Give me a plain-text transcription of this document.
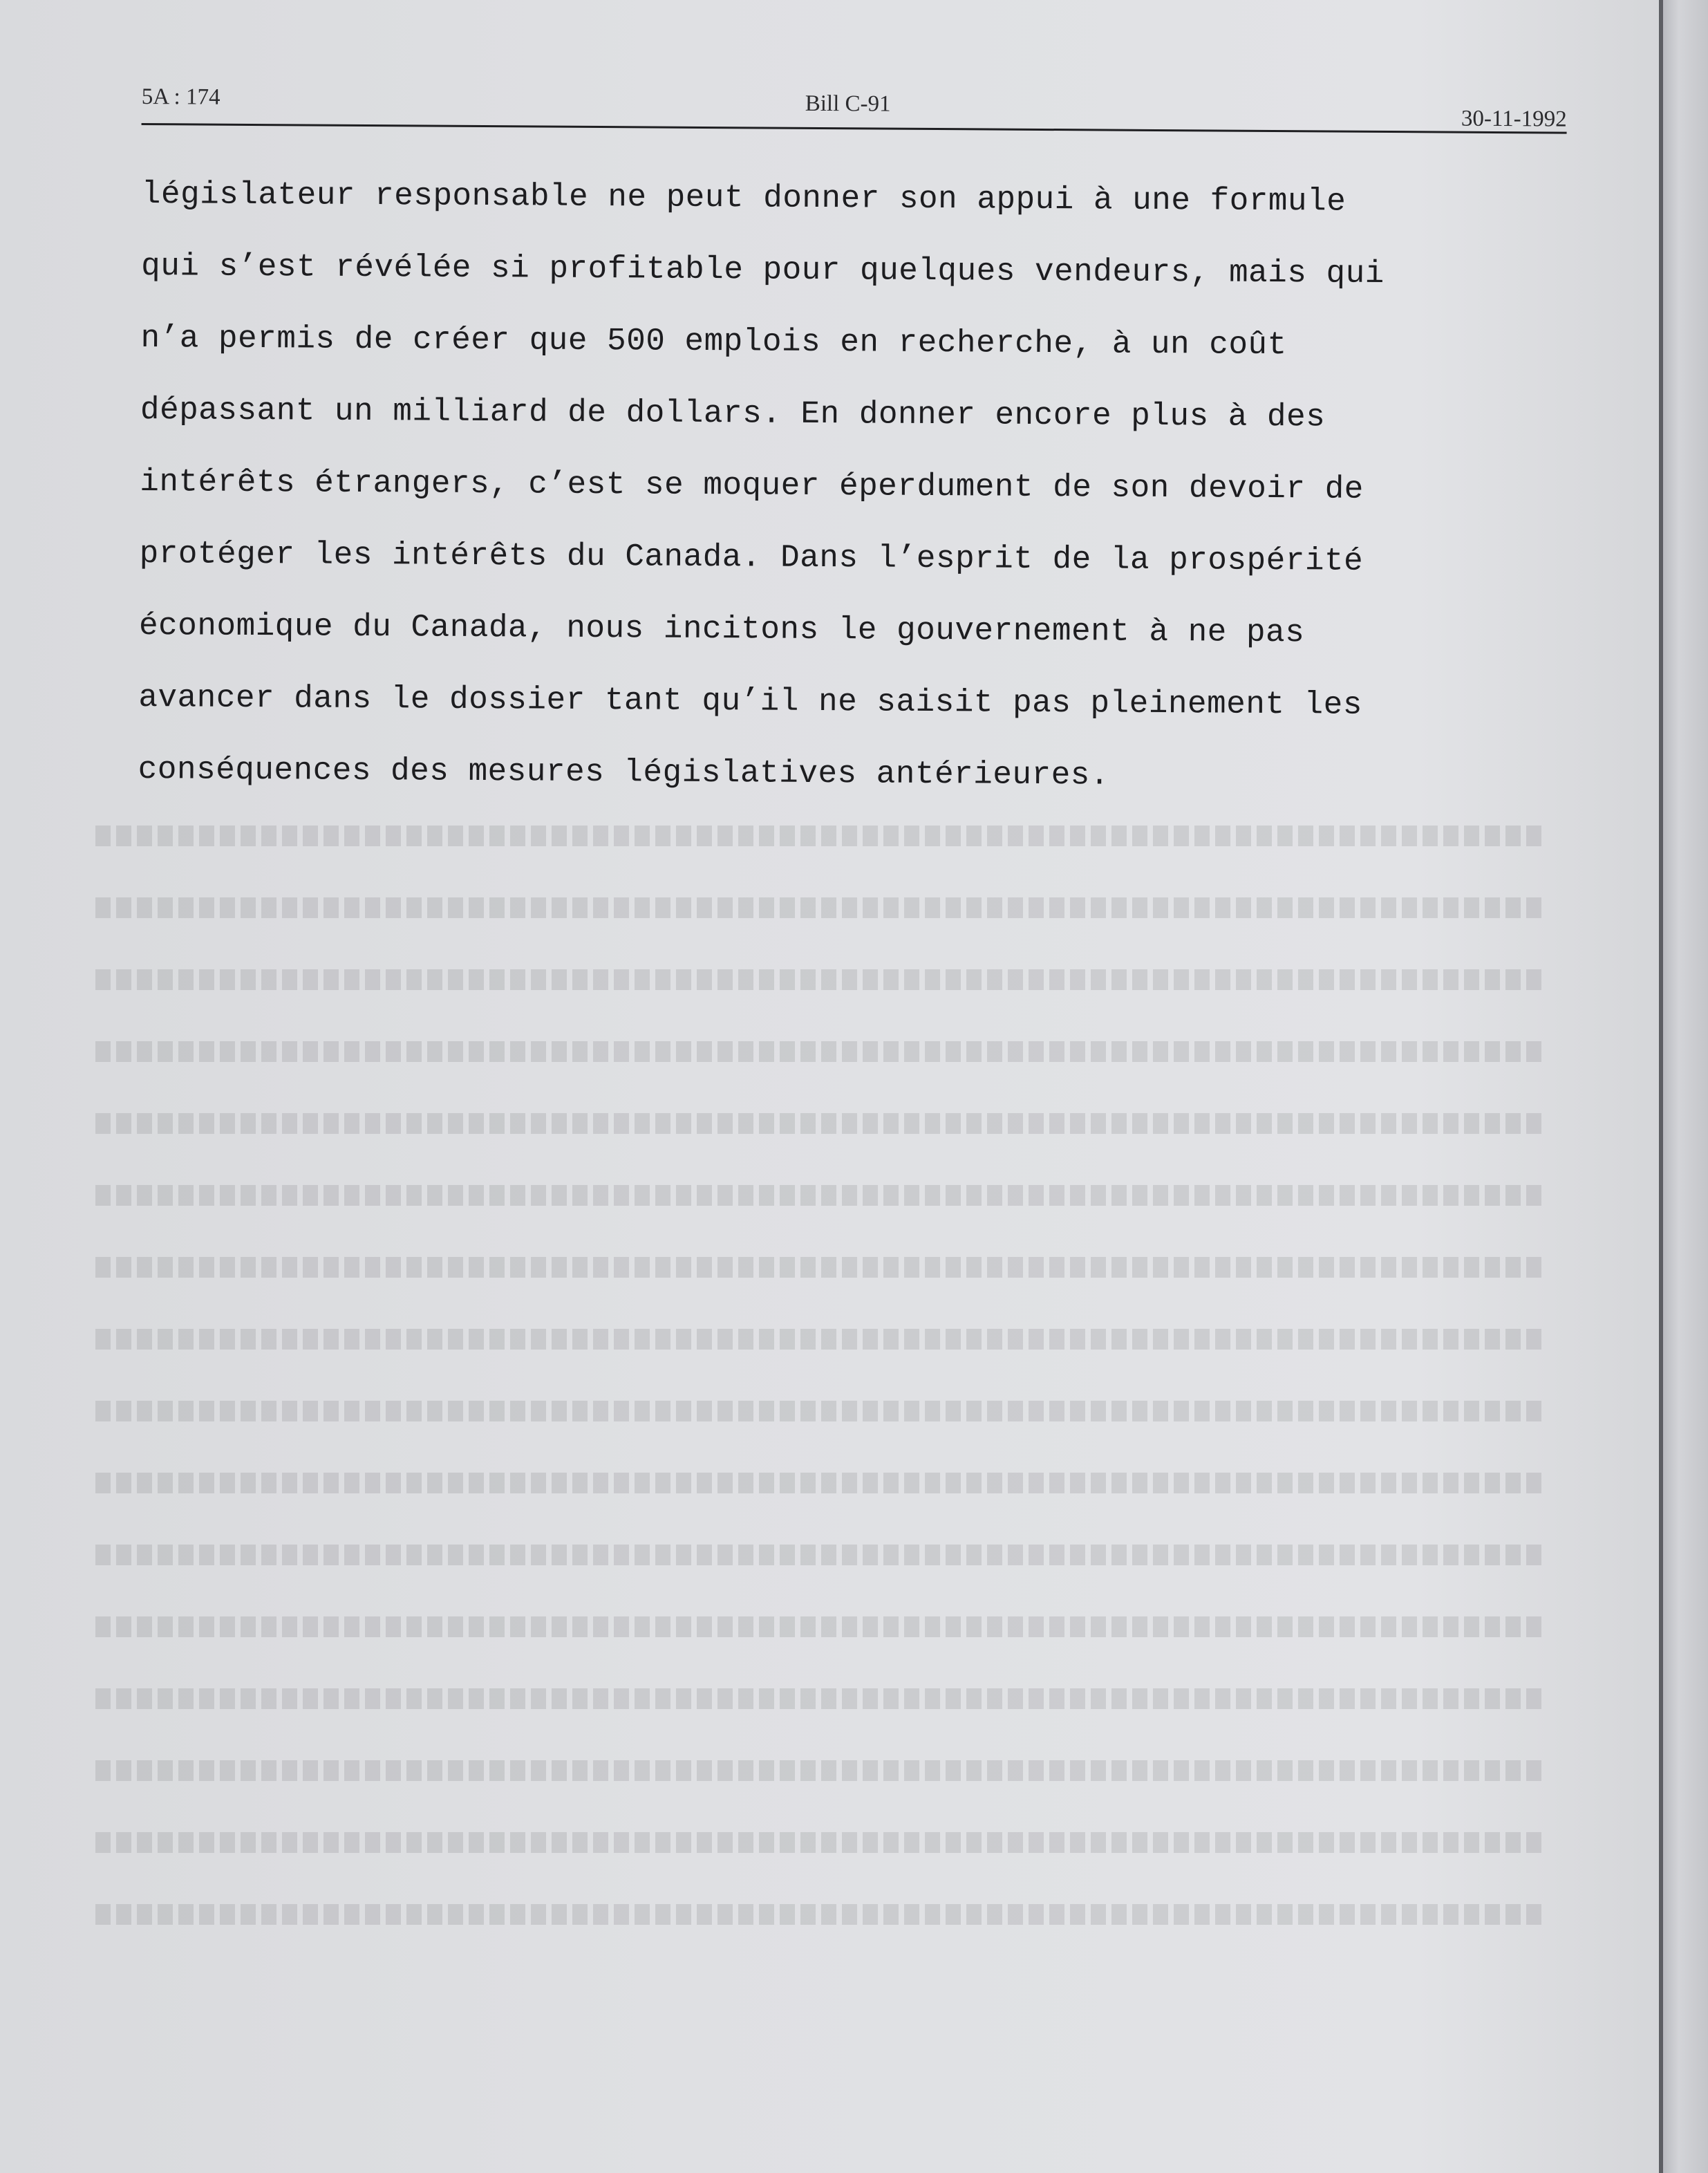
5A : 174	Bill C-91
30-11-1992
législateur responsable ne peut donner son appui à une formule
qui s’est révélée si profitable pour quelques vendeurs, mais qui
n’a permis de créer que 500 emplois en recherche, à un coût
dépassant un milliard de dollars. En donner encore plus à des
intérêts étrangers, c’est se moquer éperdument de son devoir de
protéger les intérêts du Canada. Dans l’esprit de la prospérité
économique du Canada, nous incitons le gouvernement à ne pas
avancer dans le dossier tant qu’il ne saisit pas pleinement les
conséquences des mesures législatives antérieures.
